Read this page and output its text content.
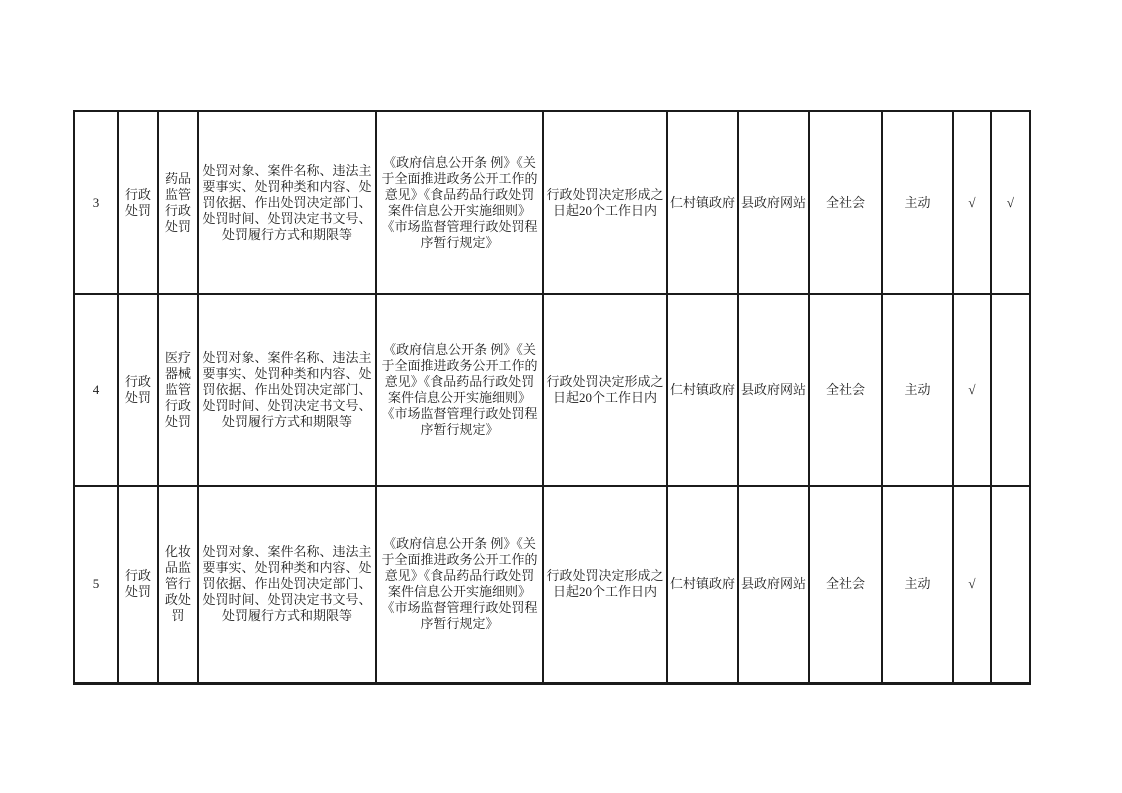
3	行政处罚	药品监管行政处罚	处罚对象、案件名称、违法主要事实、处罚种类和内容、处罚依据、作出处罚决定部门、处罚时间、处罚决定书文号、处罚履行方式和期限等	《政府信息公开条 例》《关于全面推进政务公开工作的意见》《食品药品行政处罚案件信息公开实施细则》《市场监督管理行政处罚程序暂行规定》	行政处罚决定形成之日起20个工作日内	仁村镇政府	县政府网站	全社会	主动	√	√
4	行政处罚	医疗器械监管行政处罚	处罚对象、案件名称、违法主要事实、处罚种类和内容、处罚依据、作出处罚决定部门、处罚时间、处罚决定书文号、处罚履行方式和期限等	《政府信息公开条 例》《关于全面推进政务公开工作的意见》《食品药品行政处罚案件信息公开实施细则》《市场监督管理行政处罚程序暂行规定》	行政处罚决定形成之日起20个工作日内	仁村镇政府	县政府网站	全社会	主动	√	
5	行政处罚	化妆品监管行政处罚	处罚对象、案件名称、违法主要事实、处罚种类和内容、处罚依据、作出处罚决定部门、处罚时间、处罚决定书文号、处罚履行方式和期限等	《政府信息公开条 例》《关于全面推进政务公开工作的意见》《食品药品行政处罚案件信息公开实施细则》《市场监督管理行政处罚程序暂行规定》	行政处罚决定形成之日起20个工作日内	仁村镇政府	县政府网站	全社会	主动	√	
